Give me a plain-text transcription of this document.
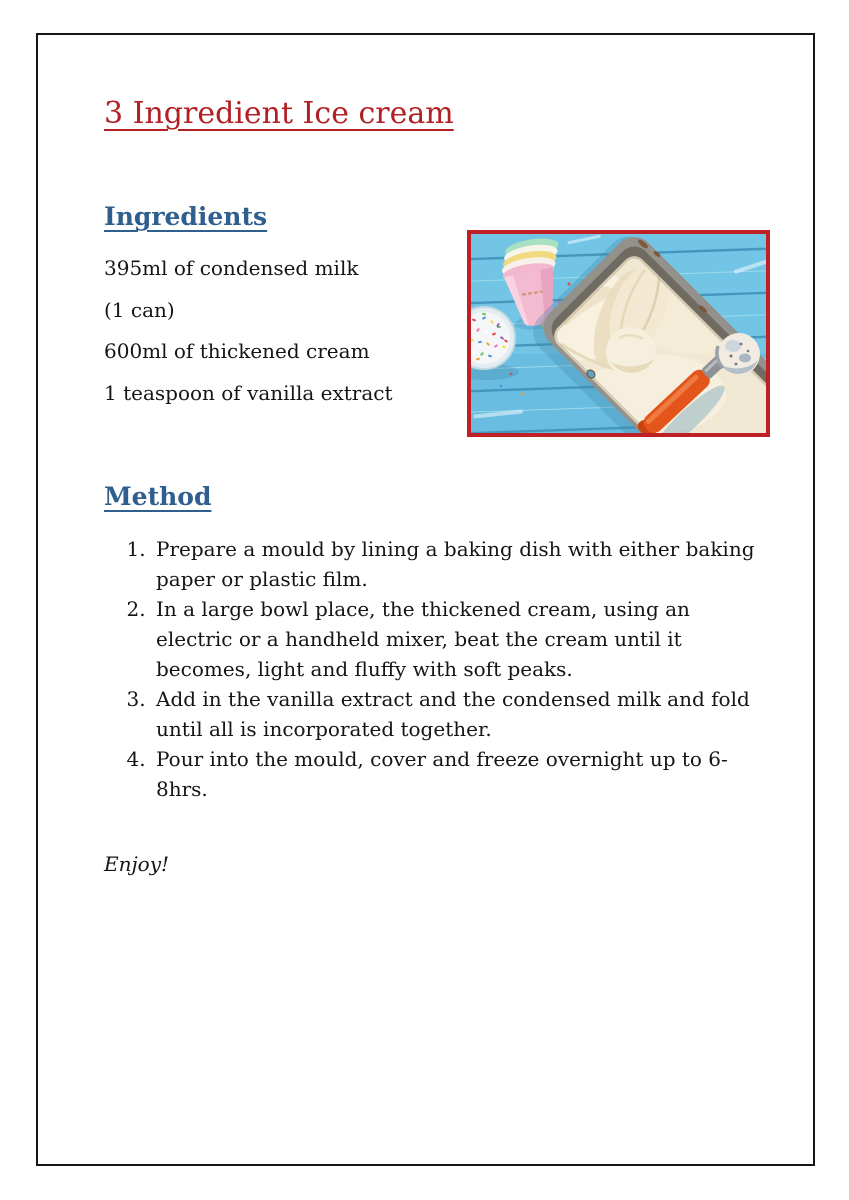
3 Ingredient Ice cream
Ingredients

395ml of condensed milk

(1 can)

600ml of thickened cream

1 teaspoon of vanilla extract

Method
1. Prepare a mould by lining a baking dish with either baking paper or plastic film.
2. In a large bowl place, the thickened cream, using an electric or a handheld mixer, beat the cream until it becomes, light and fluffy with soft peaks.
3. Add in the vanilla extract and the condensed milk and fold until all is incorporated together.
4. Pour into the mould, cover and freeze overnight up to 6-8hrs.

Enjoy!
